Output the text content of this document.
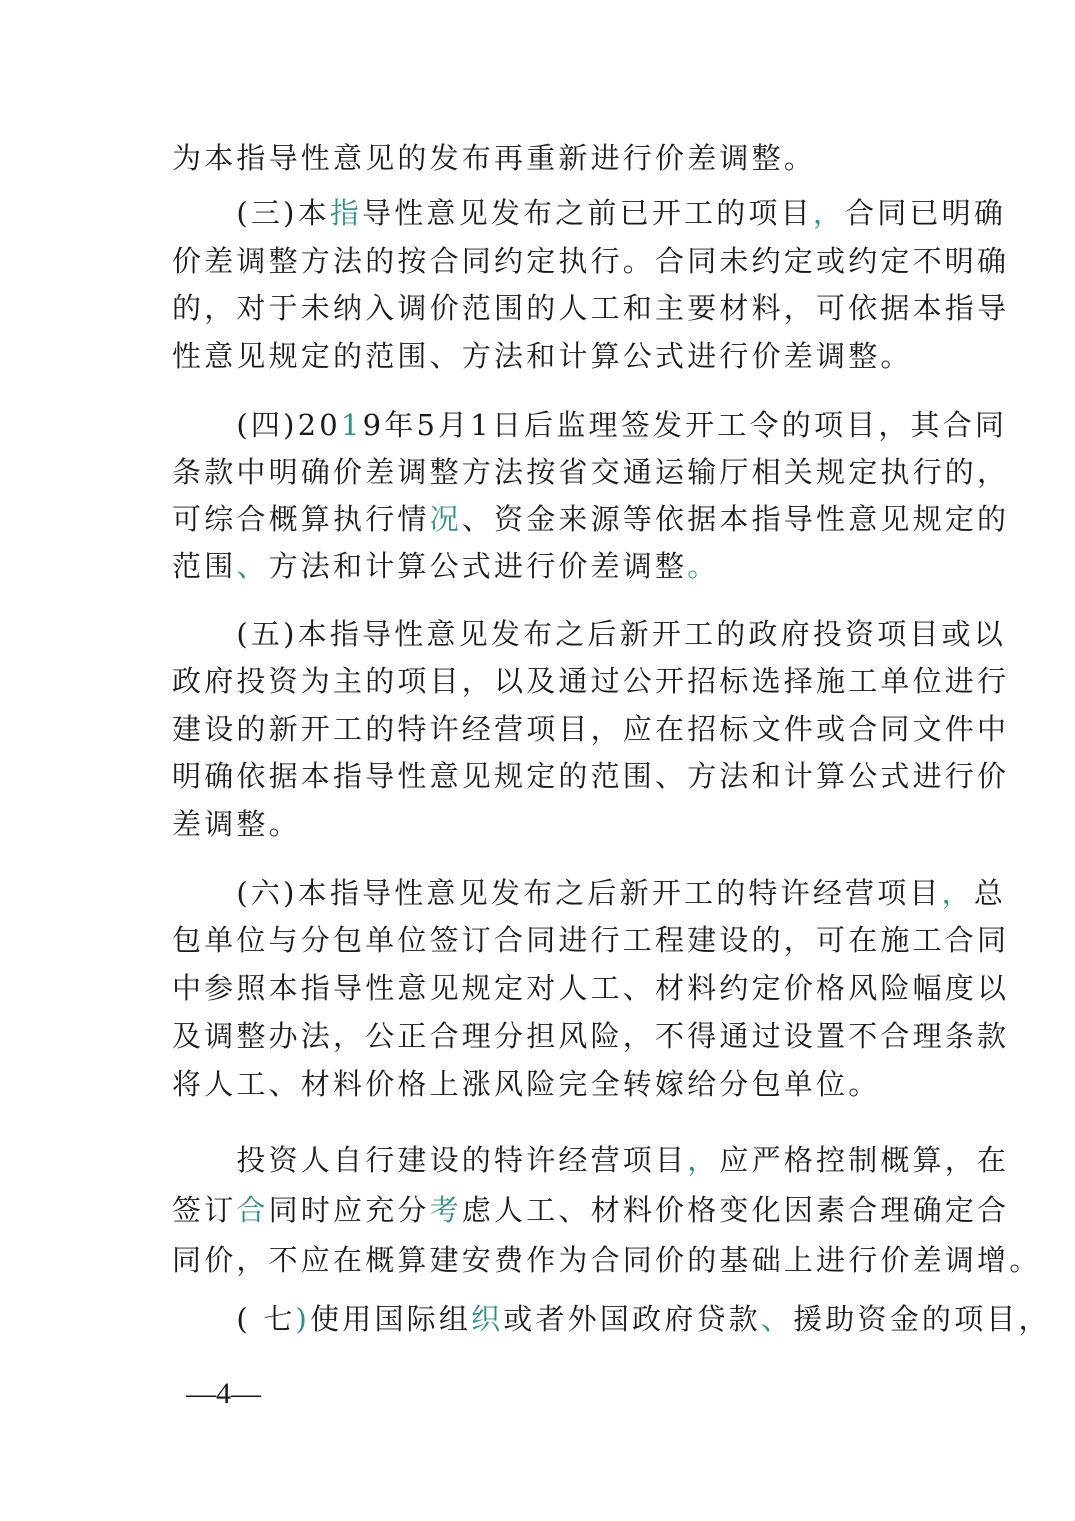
为本指导性意见的发布再重新进行价差调整。
　　(三)本指导性意见发布之前已开工的项目，合同已明确
价差调整方法的按合同约定执行。合同未约定或约定不明确
的，对于未纳入调价范围的人工和主要材料，可依据本指导
性意见规定的范围、方法和计算公式进行价差调整。
　　(四)2019年5月1日后监理签发开工令的项目，其合同
条款中明确价差调整方法按省交通运输厅相关规定执行的，
可综合概算执行情况、资金来源等依据本指导性意见规定的
范围、方法和计算公式进行价差调整。
　　(五)本指导性意见发布之后新开工的政府投资项目或以
政府投资为主的项目，以及通过公开招标选择施工单位进行
建设的新开工的特许经营项目，应在招标文件或合同文件中
明确依据本指导性意见规定的范围、方法和计算公式进行价
差调整。
　　(六)本指导性意见发布之后新开工的特许经营项目，总
包单位与分包单位签订合同进行工程建设的，可在施工合同
中参照本指导性意见规定对人工、材料约定价格风险幅度以
及调整办法，公正合理分担风险，不得通过设置不合理条款
将人工、材料价格上涨风险完全转嫁给分包单位。
　　投资人自行建设的特许经营项目，应严格控制概算，在
签订合同时应充分考虑人工、材料价格变化因素合理确定合
同价，不应在概算建安费作为合同价的基础上进行价差调增。
　　( 七)使用国际组织或者外国政府贷款、援助资金的项目，
—4—
